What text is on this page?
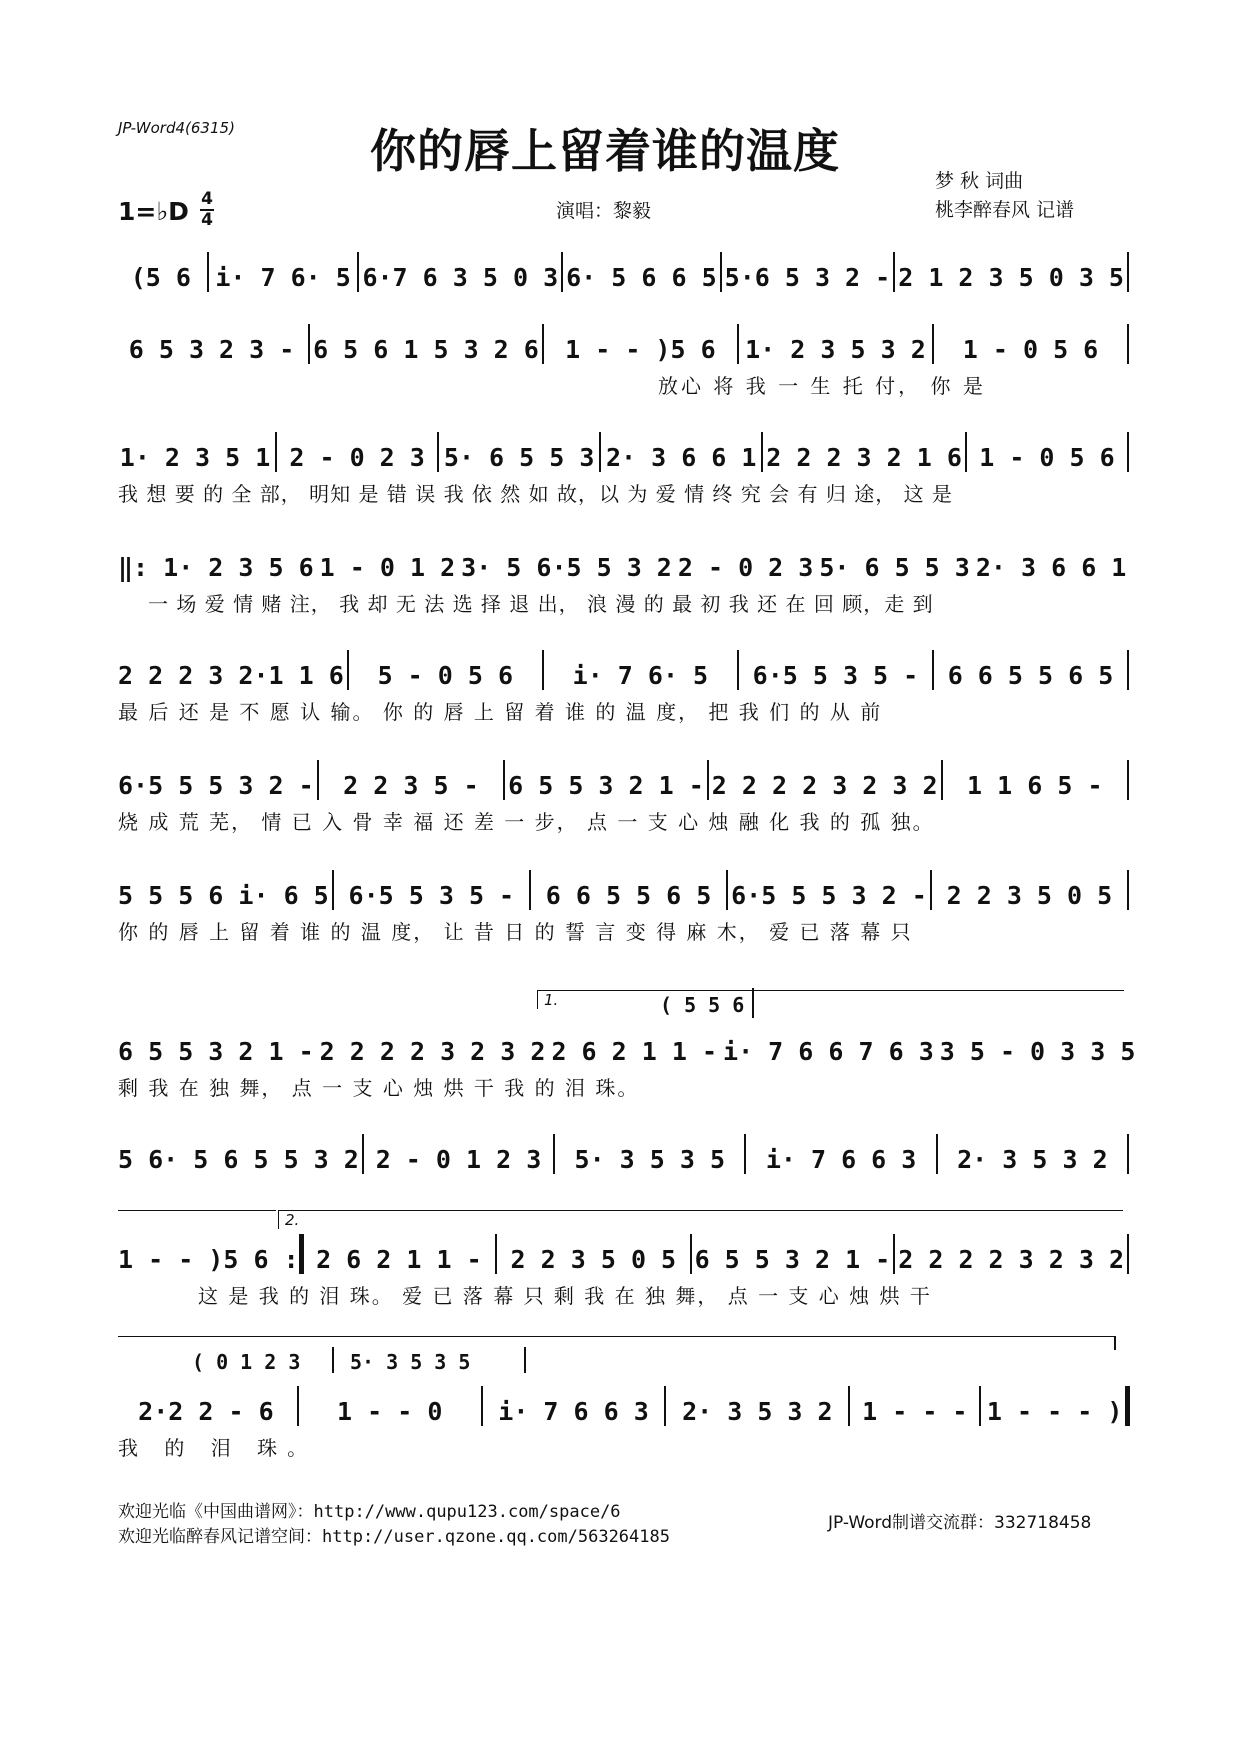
JP-Word4(6315)	你的唇上留着谁的温度
梦 秋 词曲
桃李醉春风 记谱
1=♭D 4
4	演唱：黎毅
(5 6 i· 7 6· 5 6·7 6 3 5 0 3 6· 5 6 6 5 5·6 5 3 2 - 2 1 2 3 5 0 3 5
6 5 3 2 3 - 6 5 6 1 5 3 2 6	1 - - )5 6	1· 2 3 5 3 2	1 - 0 5 6
放心 将 我 一 生 托 付， 你 是
1· 2 3 5 1 2 - 0 2 3 5· 6 5 5 3 2· 3 6 6 1 2 2 2 3 2 1 6 1 - 0 5 6
我 想 要 的 全 部， 明知 是 错 误 我 依 然 如 故，以 为 爱 情 终 究 会 有 归 途， 这 是
‖: 1· 2 3 5 6 1 - 0 1 2 3· 5 6·5 5 3 2 2 - 0 2 3 5· 6 5 5 3 2· 3 6 6 1
一 场 爱 情 赌 注， 我 却 无 法 选 择 退 出， 浪 漫 的 最 初 我 还 在 回 顾，走 到
2 2 2 3 2·1 1 6	5 - 0 5 6	i· 7 6· 5	6·5 5 3 5 -	6 6 5 5 6 5
最 后 还 是 不 愿 认 输。 你 的 唇 上 留 着 谁 的 温 度， 把 我 们 的 从 前
6·5 5 5 3 2 -	2 2 3 5 -	6 5 5 3 2 1 - 2 2 2 2 3 2 3 2	1 1 6 5 -
烧 成 荒 芜， 情 已 入 骨 幸 福 还 差 一 步， 点 一 支 心 烛 融 化 我 的 孤 独。
5 5 5 6 i· 6 5 6·5 5 3 5 -	6 6 5 5 6 5 6·5 5 5 3 2 - 2 2 3 5 0 5
你 的 唇 上 留 着 谁 的 温 度， 让 昔 日 的 誓 言 变 得 麻 木， 爱 已 落 幕 只
1.	( 5 5 6
6 5 5 3 2 1 - 2 2 2 2 3 2 3 2 2 6 2 1 1 - i· 7 6 6 7 6 3 3 5 - 0 3 3 5
剩 我 在 独 舞， 点 一 支 心 烛 烘 干 我 的 泪 珠。
5 6· 5 6 5 5 3 2 2 - 0 1 2 3	5· 3 5 3 5	i· 7 6 6 3	2· 3 5 3 2
2.
1 - - )5 6 : 2 6 2 1 1 -	2 2 3 5 0 5 6 5 5 3 2 1 - 2 2 2 2 3 2 3 2
这 是 我 的 泪 珠。 爱 已 落 幕 只 剩 我 在 独 舞， 点 一 支 心 烛 烘 干
( 0 1 2 3 5· 3 5 3 5
2·2 2 - 6	1 - - 0	i· 7 6 6 3	2· 3 5 3 2	1 - - - 1 - - - )
我 的 泪 珠。
欢迎光临《中国曲谱网》：http://www.qupu123.com/space/6
欢迎光临醉春风记谱空间：http://user.qzone.qq.com/563264185
JP-Word制谱交流群：332718458
